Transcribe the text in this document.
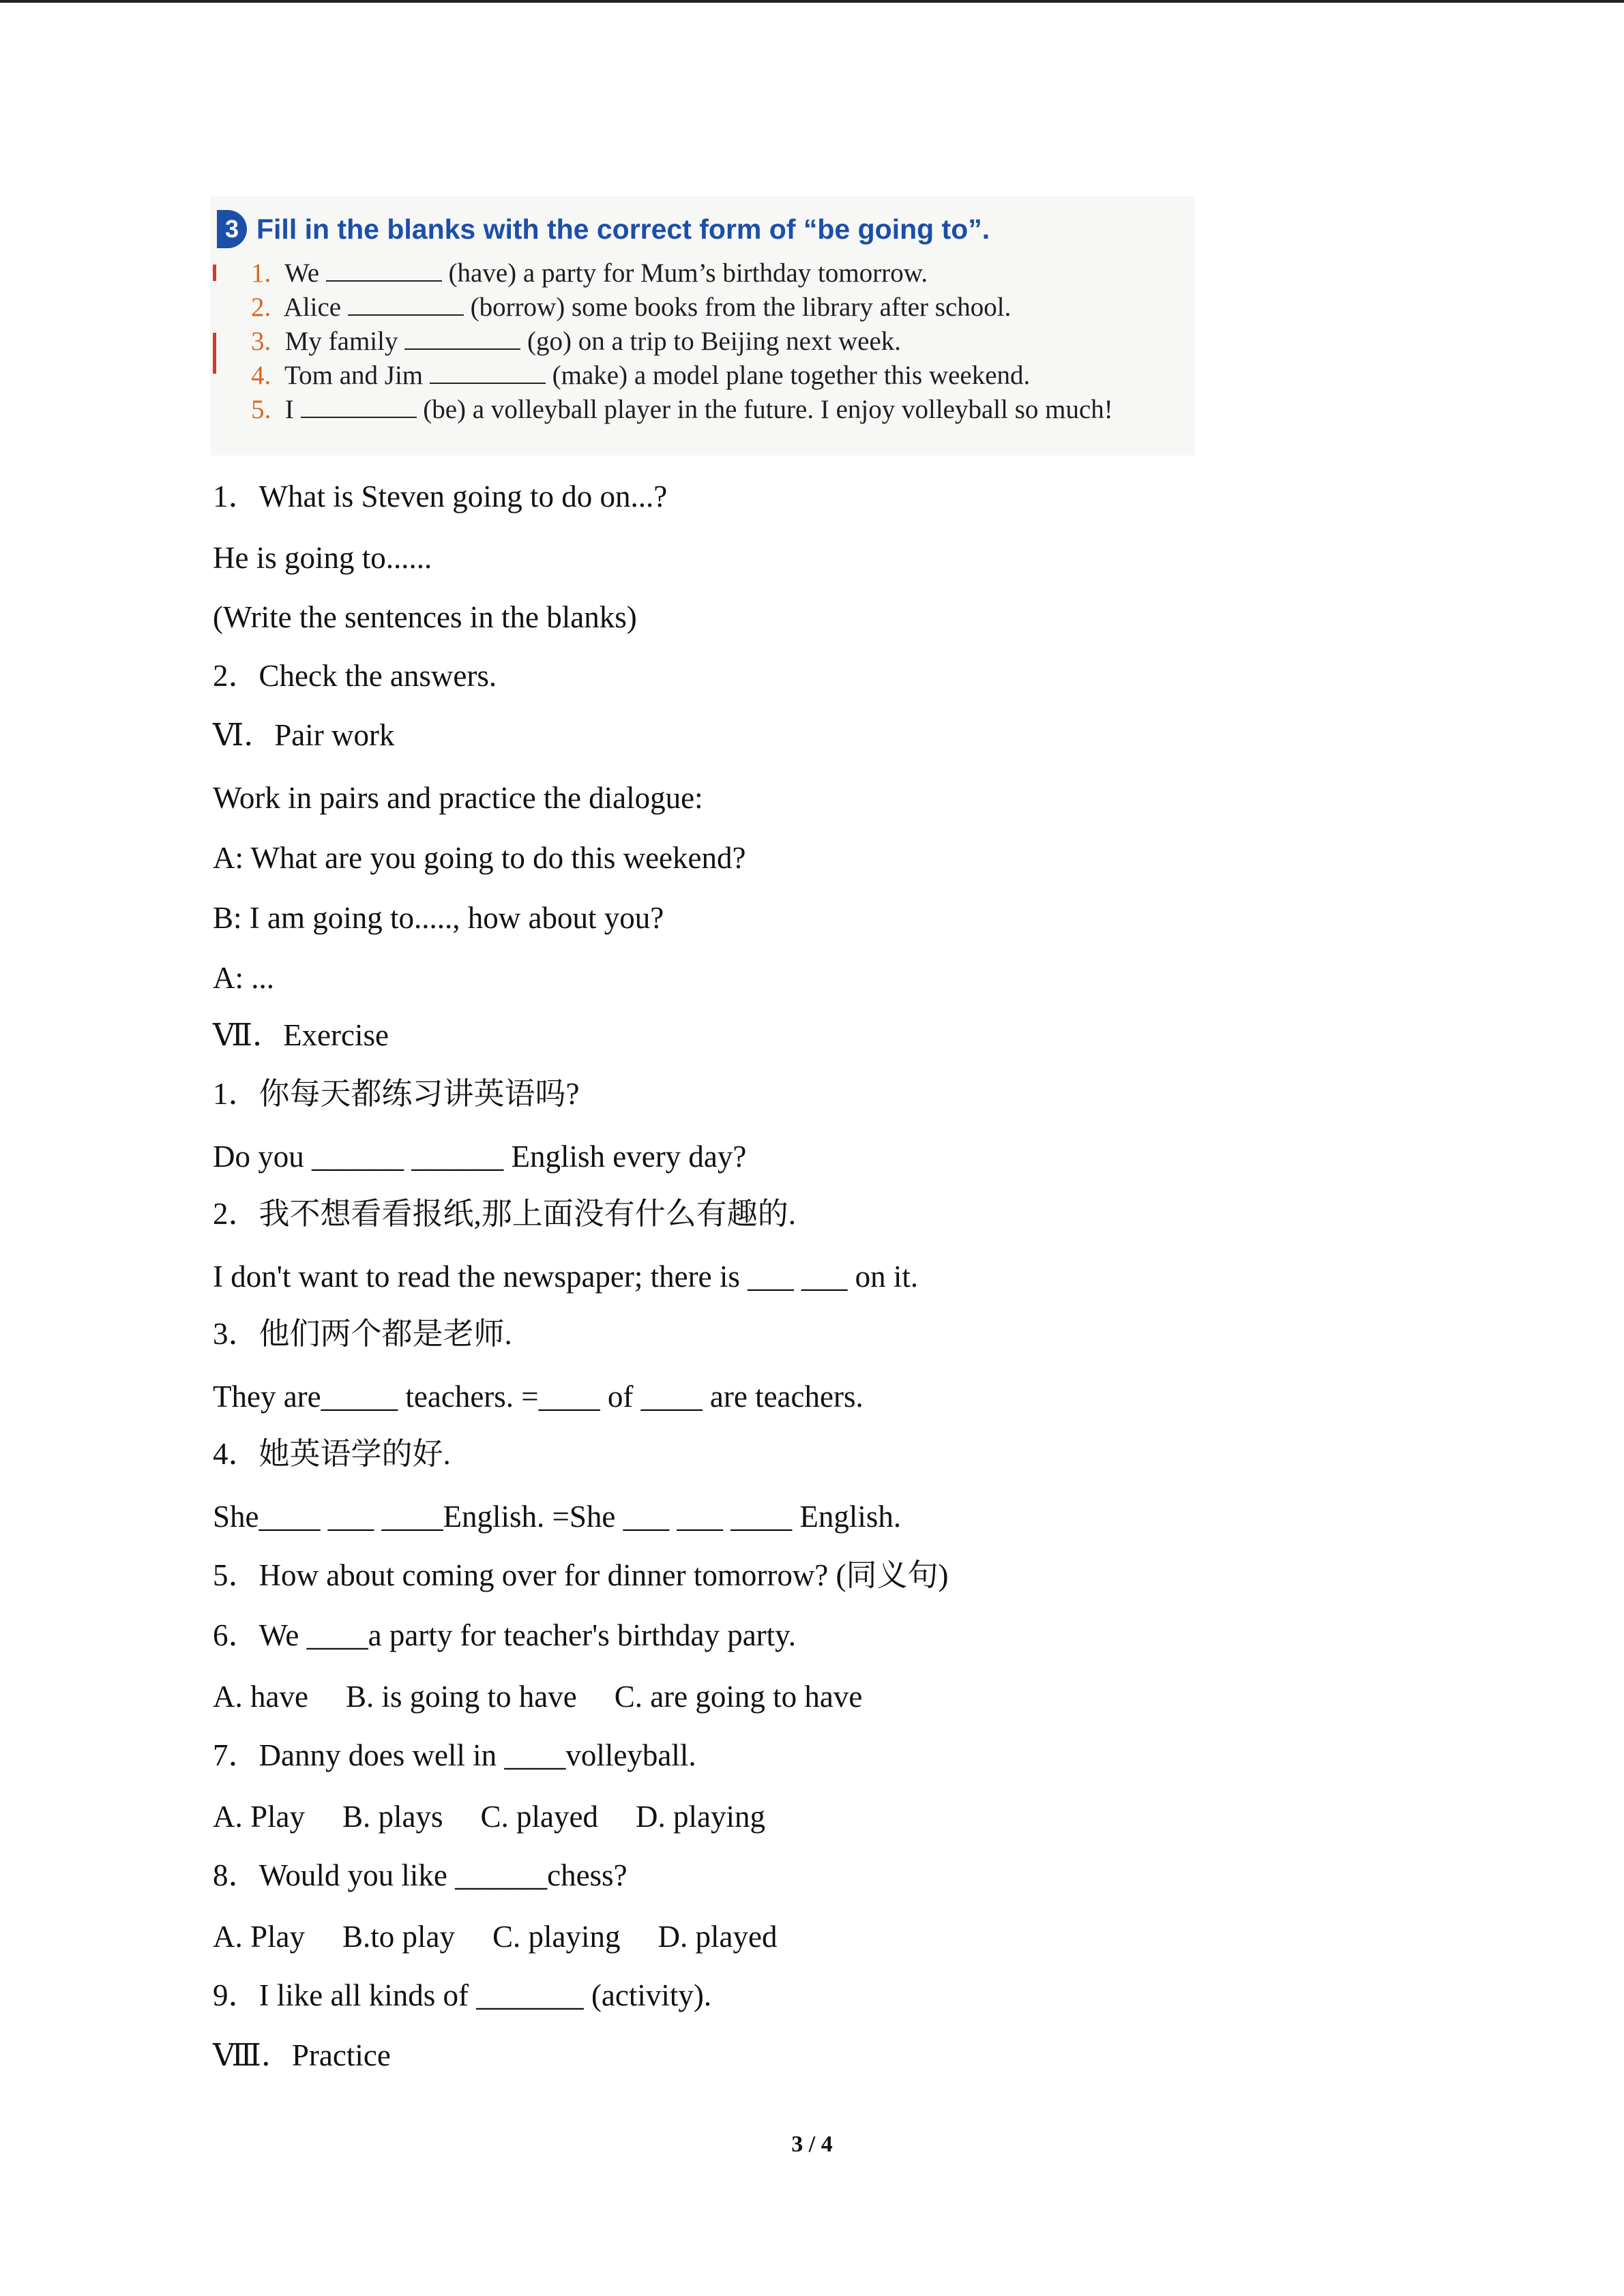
3 Fill in the blanks with the correct form of “be going to”.
1. We	(have) a party for Mum’s birthday tomorrow.
2. Alice	(borrow) some books from the library after school.
3. My family	(go) on a trip to Beijing next week.
4. Tom and Jim	(make) a model plane together this weekend.
5. I	(be) a volleyball player in the future. I enjoy volleyball so much!
1．What is Steven going to do on...?
He is going to......
(Write the sentences in the blanks)
2．Check the answers.
Ⅵ．Pair work
Work in pairs and practice the dialogue:
A: What are you going to do this weekend?
B: I am going to....., how about you?
A: ...
Ⅶ．Exercise
1．你每天都练习讲英语吗?
Do you ______ ______ English every day?
2．我不想看看报纸,那上面没有什么有趣的.
I don't want to read the newspaper; there is ___ ___ on it.
3．他们两个都是老师.
They are_____ teachers. =____ of ____ are teachers.
4．她英语学的好.
She____ ___ ____English. =She ___ ___ ____ English.
5．How about coming over for dinner tomorrow? (同义句)
6．We ____a party for teacher's birthday party.
A. have B. is going to have C. are going to have
7．Danny does well in ____volleyball.
A. Play B. plays C. played D. playing
8．Would you like ______chess?
A. Play B.to play C. playing D. played
9．I like all kinds of _______ (activity).
Ⅷ．Practice
3 / 4
